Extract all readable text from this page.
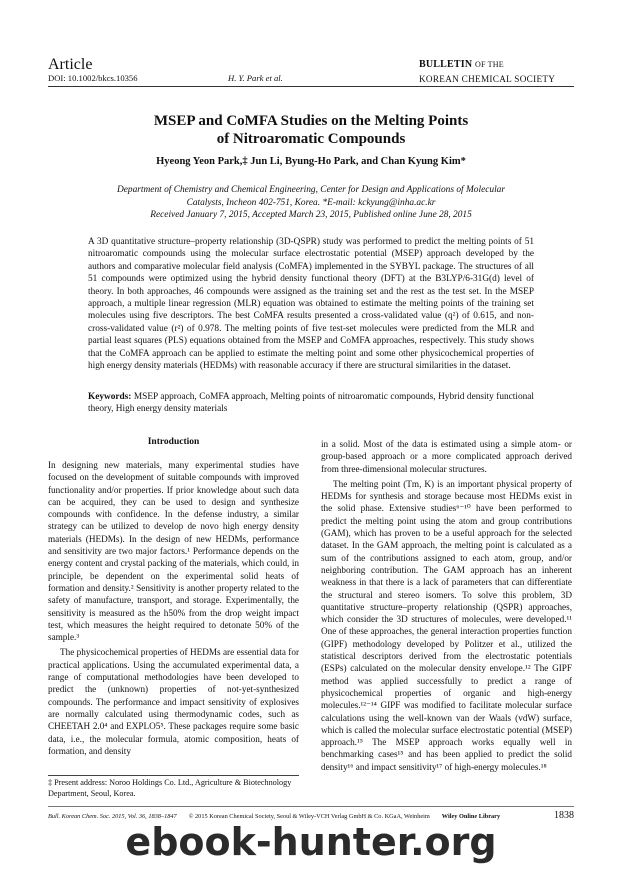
Article
DOI: 10.1002/bkcs.10356	H. Y. Park et al.
BULLETIN OF THE
KOREAN CHEMICAL SOCIETY
MSEP and CoMFA Studies on the Melting Points
of Nitroaromatic Compounds
Hyeong Yeon Park,‡ Jun Li, Byung-Ho Park, and Chan Kyung Kim*
Department of Chemistry and Chemical Engineering, Center for Design and Applications of Molecular
Catalysts, Incheon 402-751, Korea. *E-mail: kckyung@inha.ac.kr
Received January 7, 2015, Accepted March 23, 2015, Published online June 28, 2015
A 3D quantitative structure–property relationship (3D-QSPR) study was performed to predict the melting points of 51 nitroaromatic compounds using the molecular surface electrostatic potential (MSEP) approach developed by the authors and comparative molecular field analysis (CoMFA) implemented in the SYBYL package. The structures of all 51 compounds were optimized using the hybrid density functional theory (DFT) at the B3LYP/6-31G(d) level of theory. In both approaches, 46 compounds were assigned as the training set and the rest as the test set. In the MSEP approach, a multiple linear regression (MLR) equation was obtained to estimate the melting points of the training set molecules using five descriptors. The best CoMFA results presented a cross-validated value (q²) of 0.615, and non-cross-validated value (r²) of 0.978. The melting points of five test-set molecules were predicted from the MLR and partial least squares (PLS) equations obtained from the MSEP and CoMFA approaches, respectively. This study shows that the CoMFA approach can be applied to estimate the melting point and some other physicochemical properties of high energy density materials (HEDMs) with reasonable accuracy if there are structural similarities in the dataset.
Keywords: MSEP approach, CoMFA approach, Melting points of nitroaromatic compounds, Hybrid density functional theory, High energy density materials
Introduction

In designing new materials, many experimental studies have focused on the development of suitable compounds with improved functionality and/or properties. If prior knowledge about such data can be acquired, they can be used to design and synthesize compounds with confidence. In the defense industry, a similar strategy can be utilized to develop de novo high energy density materials (HEDMs). In the design of new HEDMs, performance and sensitivity are two major factors.¹ Performance depends on the energy content and crystal packing of the materials, which could, in principle, be dependent on the experimental solid heats of formation and density.² Sensitivity is another property related to the safety of manufacture, transport, and storage. Experimentally, the sensitivity is measured as the h50% from the drop weight impact test, which measures the height required to detonate 50% of the sample.³

The physicochemical properties of HEDMs are essential data for practical applications. Using the accumulated experimental data, a range of computational methodologies have been developed to predict the (unknown) properties of not-yet-synthesized compounds. The performance and impact sensitivity of explosives are normally calculated using thermodynamic codes, such as CHEETAH 2.0⁴ and EXPLO5⁵. These packages require some basic data, i.e., the molecular formula, atomic composition, heats of formation, and density

in a solid. Most of the data is estimated using a simple atom- or group-based approach or a more complicated approach derived from three-dimensional molecular structures.

The melting point (Tm, K) is an important physical property of HEDMs for synthesis and storage because most HEDMs exist in the solid phase. Extensive studies⁶⁻¹⁰ have been performed to predict the melting point using the atom and group contributions (GAM), which has proven to be a useful approach for the selected dataset. In the GAM approach, the melting point is calculated as a sum of the contributions assigned to each atom, group, and/or neighboring contribution. The GAM approach has an inherent weakness in that there is a lack of parameters that can differentiate the structural and stereo isomers. To solve this problem, 3D quantitative structure–property relationship (QSPR) approaches, which consider the 3D structures of molecules, were developed.¹¹ One of these approaches, the general interaction properties function (GIPF) methodology developed by Politzer et al., utilized the statistical descriptors derived from the electrostatic potentials (ESPs) calculated on the molecular density envelope.¹² The GIPF method was applied successfully to predict a range of physicochemical properties of organic and high-energy molecules.¹²⁻¹⁴ GIPF was modified to facilitate molecular surface calculations using the well-known van der Waals (vdW) surface, which is called the molecular surface electrostatic potential (MSEP) approach.¹⁵ The MSEP approach works equally well in benchmarking cases¹⁵ and has been applied to predict the solid density¹⁶ and impact sensitivity¹⁷ of high-energy molecules.¹⁸

‡ Present address: Noroo Holdings Co. Ltd., Agriculture & Biotechnology Department, Seoul, Korea.
Bull. Korean Chem. Soc. 2015, Vol. 36, 1838–1847 © 2015 Korean Chemical Society, Seoul & Wiley-VCH Verlag GmbH & Co. KGaA, Weinheim Wiley Online Library	1838
ebook-hunter.org
